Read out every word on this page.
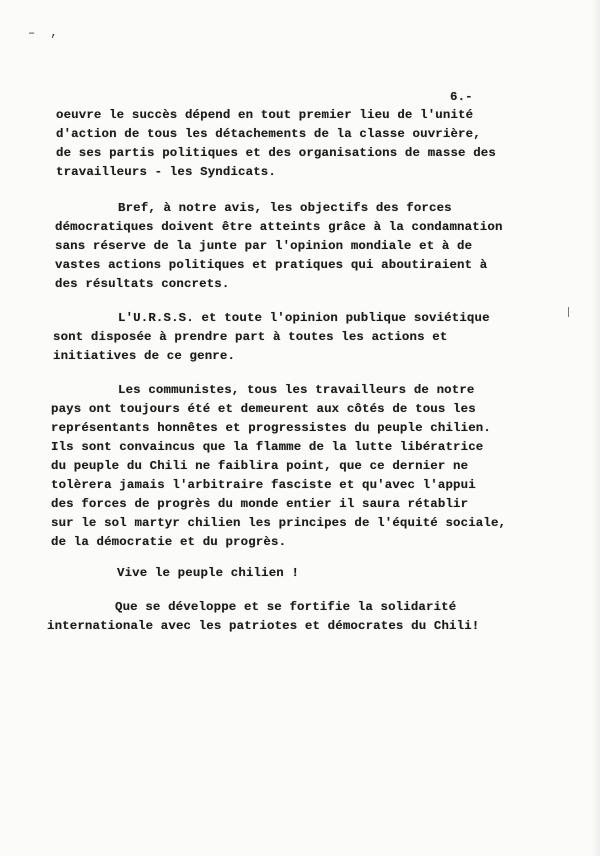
‒ ,
6.-
oeuvre le succès dépend en tout premier lieu de l'unité
d'action de tous les détachements de la classe ouvrière,
de ses partis politiques et des organisations de masse des
travailleurs - les Syndicats.
Bref, à notre avis, les objectifs des forces
démocratiques doivent être atteints grâce à la condamnation
sans réserve de la junte par l'opinion mondiale et à de
vastes actions politiques et pratiques qui aboutiraient à
des résultats concrets.
L'U.R.S.S. et toute l'opinion publique soviétique
sont disposée à prendre part à toutes les actions et
initiatives de ce genre.
Les communistes, tous les travailleurs de notre
pays ont toujours été et demeurent aux côtés de tous les
représentants honnêtes et progressistes du peuple chilien.
Ils sont convaincus que la flamme de la lutte libératrice
du peuple du Chili ne faiblira point, que ce dernier ne
tolèrera jamais l'arbitraire fasciste et qu'avec l'appui
des forces de progrès du monde entier il saura rétablir
sur le sol martyr chilien les principes de l'équité sociale,
de la démocratie et du progrès.
Vive le peuple chilien !
Que se développe et se fortifie la solidarité
internationale avec les patriotes et démocrates du Chili!
